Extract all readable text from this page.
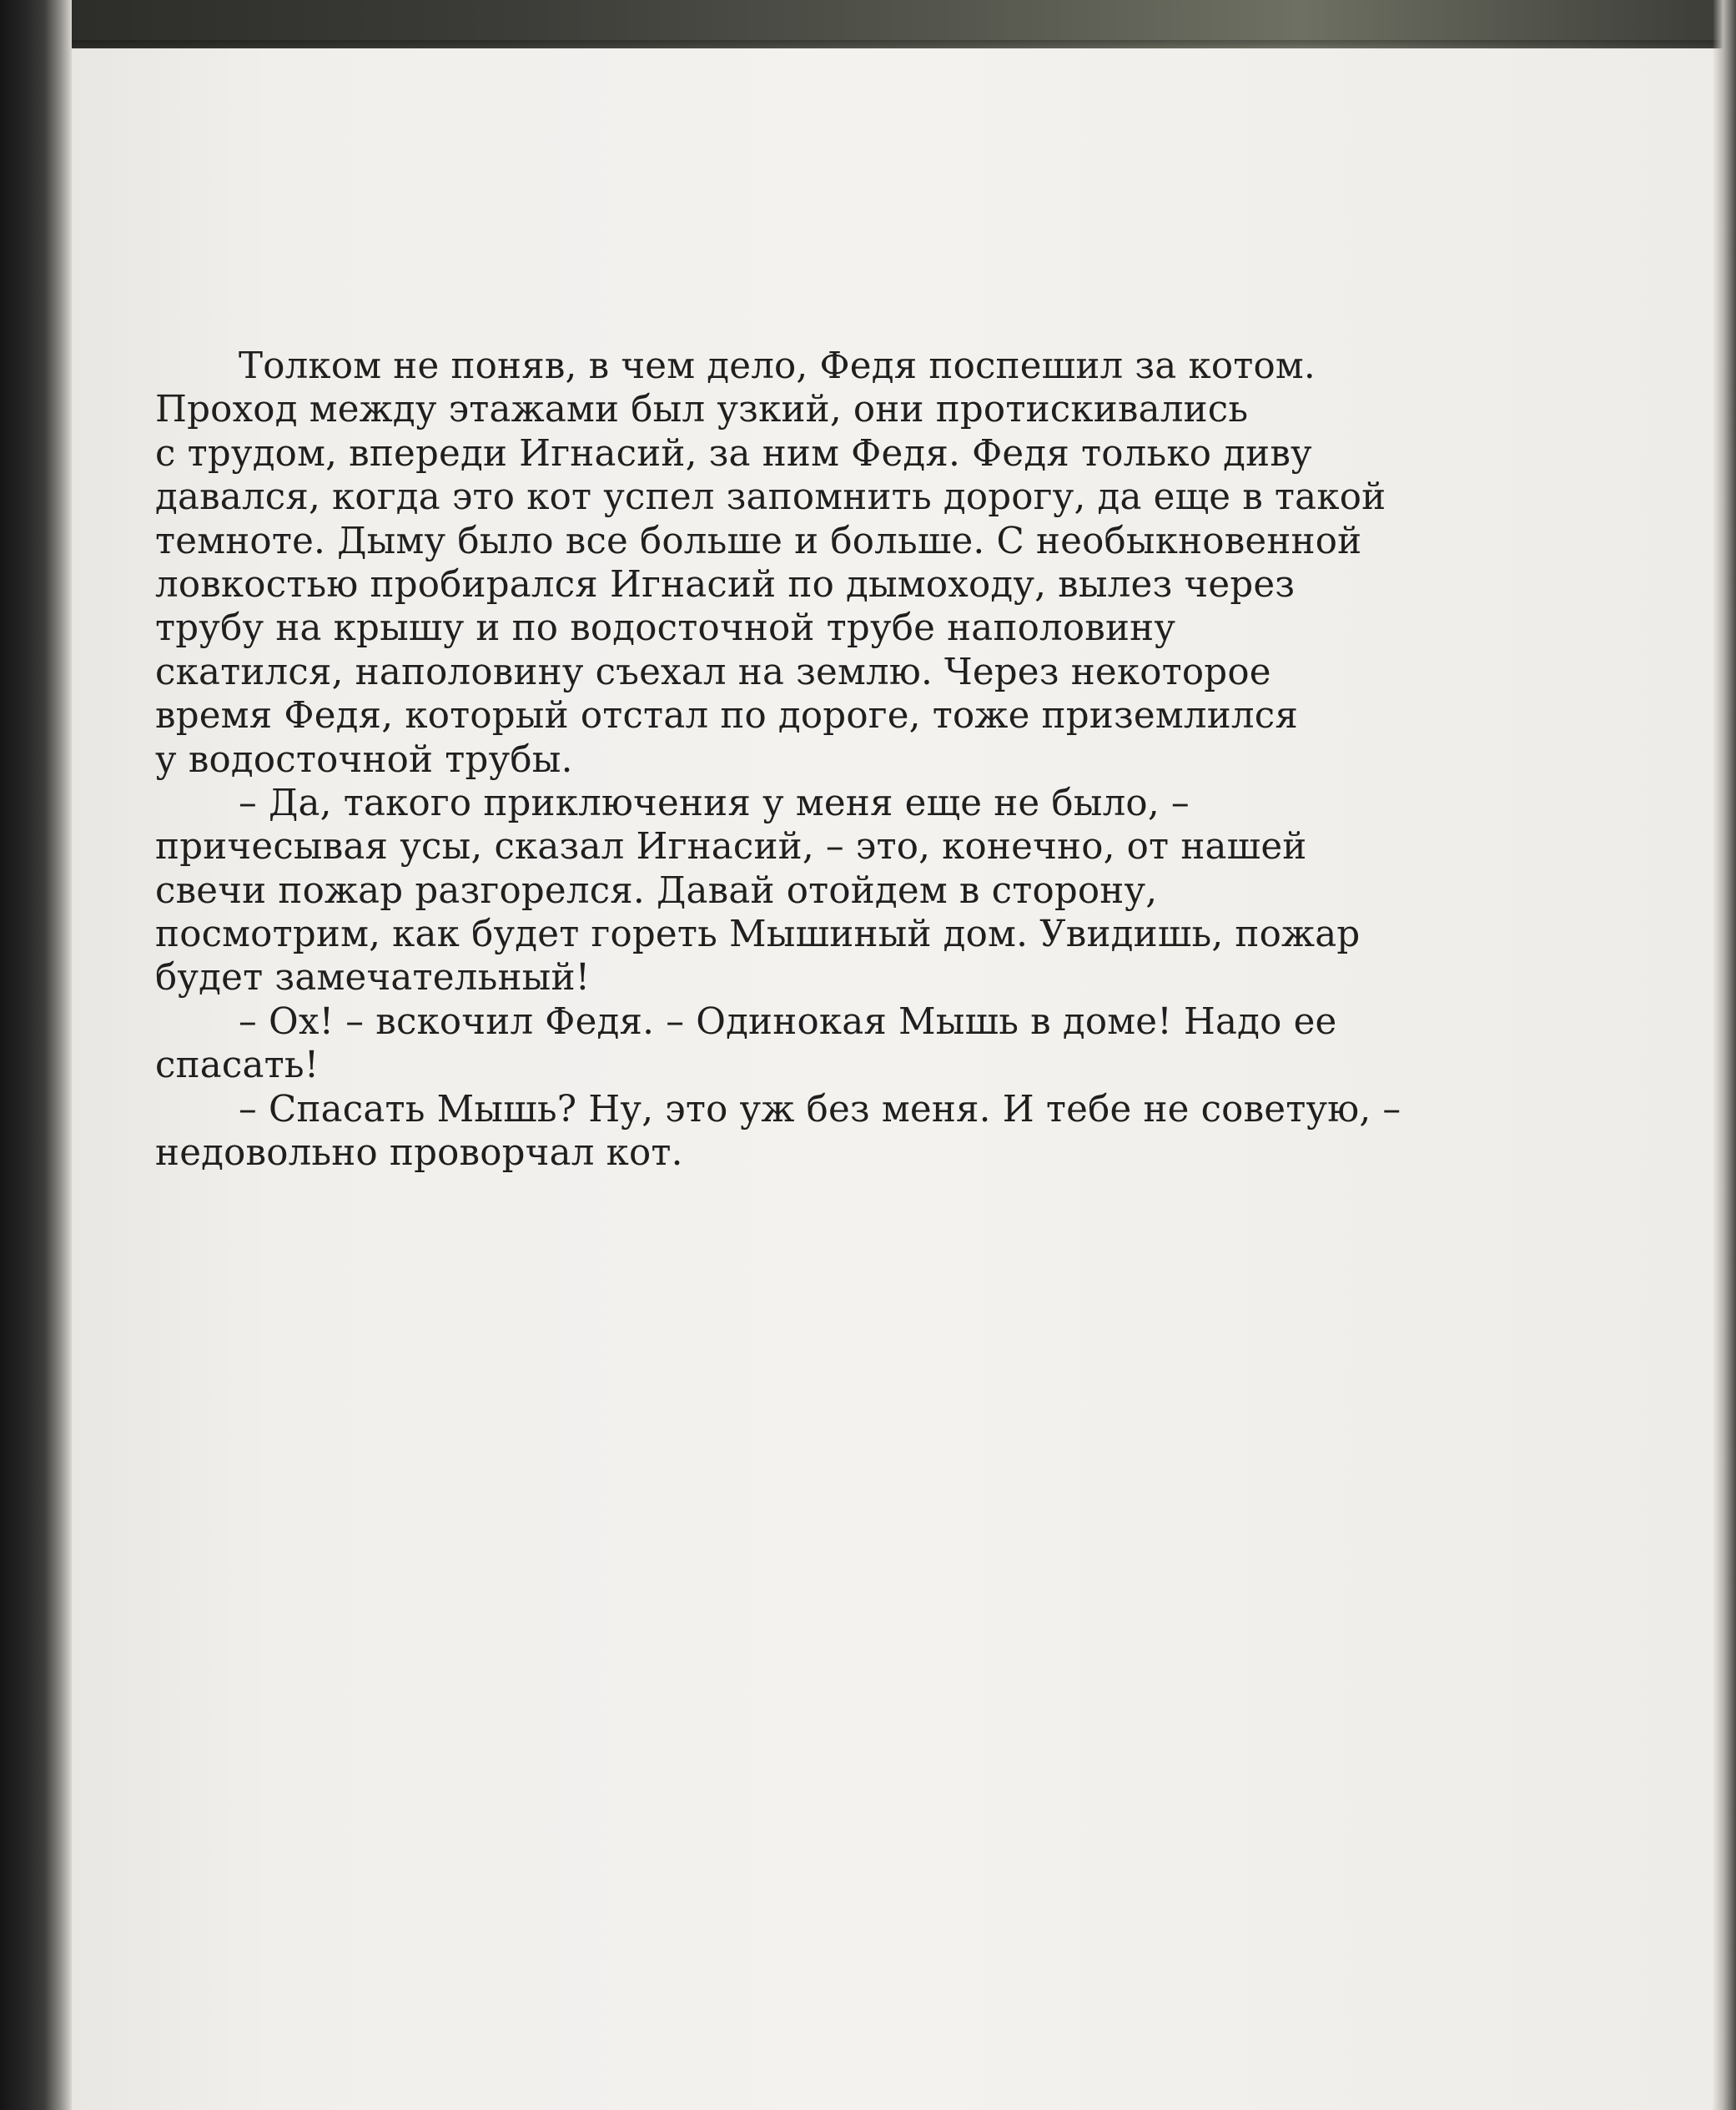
Толком не поняв, в чем дело, Федя поспешил за котом.
Проход между этажами был узкий, они протискивались
с трудом, впереди Игнасий, за ним Федя. Федя только диву
давался, когда это кот успел запомнить дорогу, да еще в такой
темноте. Дыму было все больше и больше. С необыкновенной
ловкостью пробирался Игнасий по дымоходу, вылез через
трубу на крышу и по водосточной трубе наполовину
скатился, наполовину съехал на землю. Через некоторое
время Федя, который отстал по дороге, тоже приземлился
у водосточной трубы.
– Да, такого приключения у меня еще не было, –
причесывая усы, сказал Игнасий, – это, конечно, от нашей
свечи пожар разгорелся. Давай отойдем в сторону,
посмотрим, как будет гореть Мышиный дом. Увидишь, пожар
будет замечательный!
– Ох! – вскочил Федя. – Одинокая Мышь в доме! Надо ее
спасать!
– Спасать Мышь? Ну, это уж без меня. И тебе не советую, –
недовольно проворчал кот.
